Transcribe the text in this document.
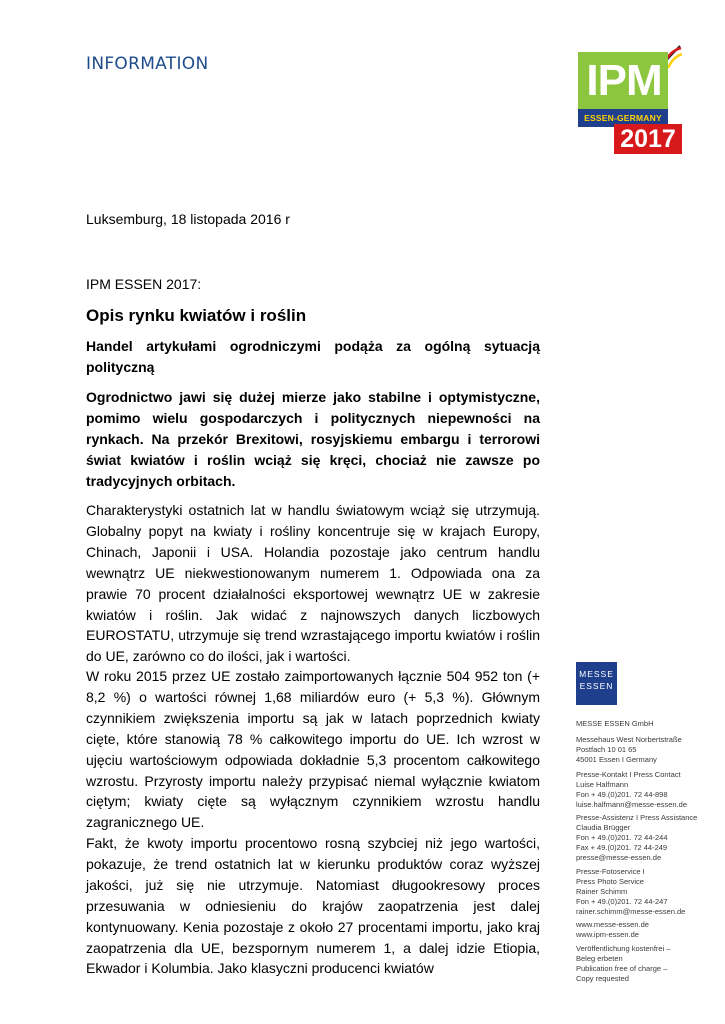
INFORMATION	IPM
ESSEN-GERMANY
2017
Luksemburg, 18 listopada 2016 r
IPM ESSEN 2017:
Opis rynku kwiatów i roślin
Handel artykułami ogrodniczymi podąża za ogólną sytuacją polityczną
Ogrodnictwo jawi się dużej mierze jako stabilne i optymistyczne, pomimo wielu gospodarczych i politycznych niepewności na rynkach. Na przekór Brexitowi, rosyjskiemu embargu i terrorowi świat kwiatów i roślin wciąż się kręci, chociaż nie zawsze po tradycyjnych orbitach.
Charakterystyki ostatnich lat w handlu światowym wciąż się utrzymują. Globalny popyt na kwiaty i rośliny koncentruje się w krajach Europy, Chinach, Japonii i USA. Holandia pozostaje jako centrum handlu wewnątrz UE niekwestionowanym numerem 1. Odpowiada ona za prawie 70 procent działalności eksportowej wewnątrz UE w zakresie kwiatów i roślin. Jak widać z najnowszych danych liczbowych EUROSTATU, utrzymuje się trend wzrastającego importu kwiatów i roślin do UE, zarówno co do ilości, jak i wartości.
W roku 2015 przez UE zostało zaimportowanych łącznie 504 952 ton (+ 8,2 %) o wartości równej 1,68 miliardów euro (+ 5,3 %). Głównym czynnikiem zwiększenia importu są jak w latach poprzednich kwiaty cięte, które stanowią 78 % całkowitego importu do UE. Ich wzrost w ujęciu wartościowym odpowiada dokładnie 5,3 procentom całkowitego wzrostu. Przyrosty importu należy przypisać niemal wyłącznie kwiatom ciętym; kwiaty cięte są wyłącznym czynnikiem wzrostu handlu zagranicznego UE.
Fakt, że kwoty importu procentowo rosną szybciej niż jego wartości, pokazuje, że trend ostatnich lat w kierunku produktów coraz wyższej jakości, już się nie utrzymuje. Natomiast długookresowy proces przesuwania w odniesieniu do krajów zaopatrzenia jest dalej kontynuowany. Kenia pozostaje z około 27 procentami importu, jako kraj zaopatrzenia dla UE, bezspornym numerem 1, a dalej idzie Etiopia, Ekwador i Kolumbia. Jako klasyczni producenci kwiatów
MESSE
ESSEN
MESSE ESSEN GmbH
Messehaus West Norbertstraße
Postfach 10 01 65
45001 Essen I Germany
Presse-Kontakt I Press Contact
Luise Halfmann
Fon + 49.(0)201. 72 44-898
luise.halfmann@messe-essen.de
Presse-Assistenz I Press Assistance
Claudia Brügger
Fon + 49.(0)201. 72 44-244
Fax + 49.(0)201. 72 44-249
presse@messe-essen.de
Presse-Fotoservice I
Press Photo Service
Rainer Schimm
Fon + 49.(0)201. 72 44-247
rainer.schimm@messe-essen.de
www.messe-essen.de
www.ipm-essen.de
Veröffentlichung kostenfrei –
Beleg erbeten
Publication free of charge –
Copy requested
